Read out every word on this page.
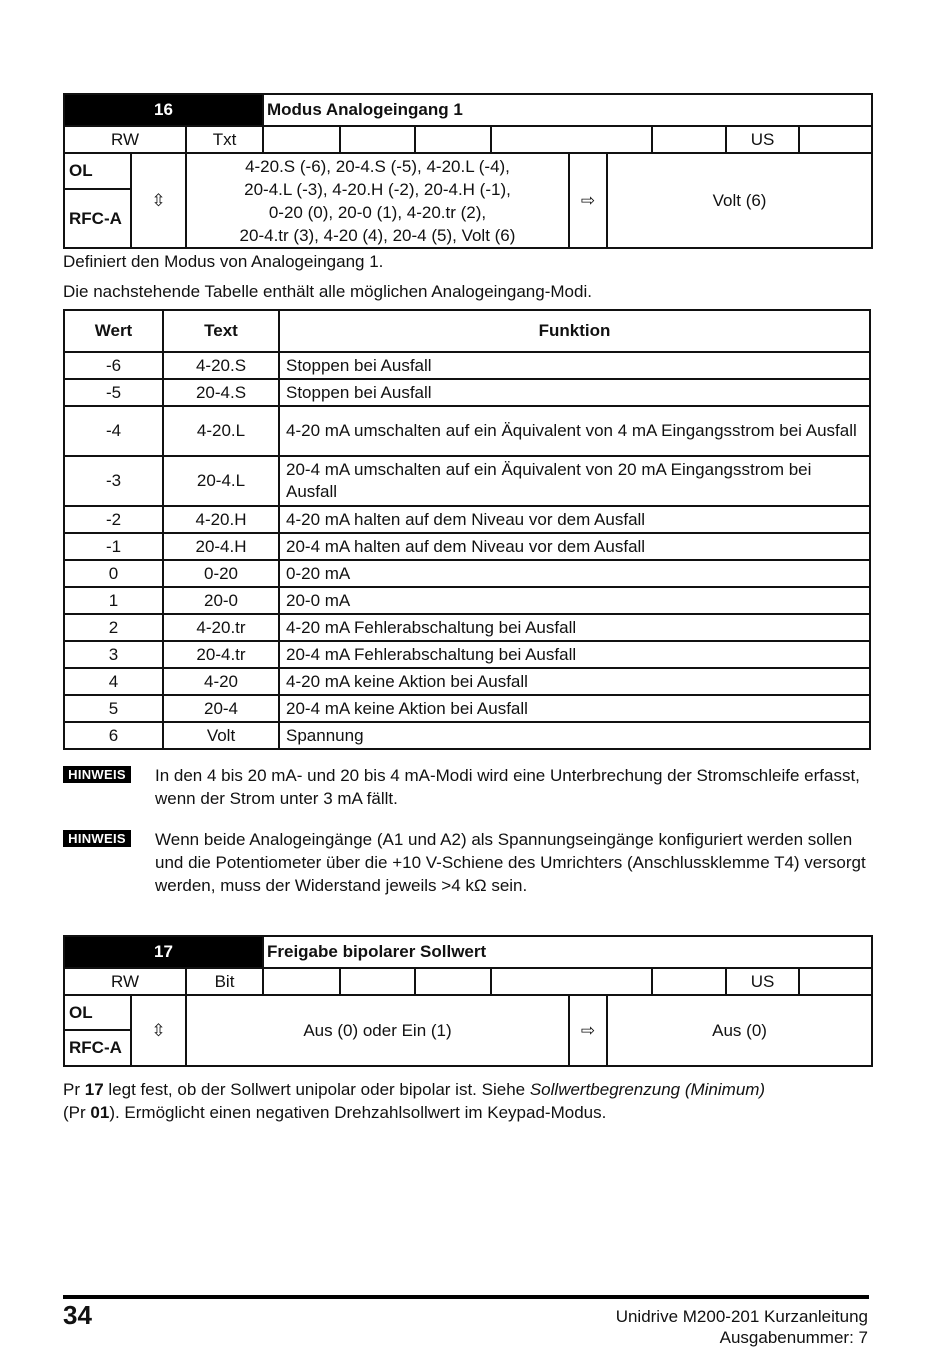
16			Modus Analogeingang 1								
RW		Txt								US	
OL	⇳	4-20.S (-6), 20-4.S (-5), 4-20.L (-4),
20-4.L (-3), 4-20.H (-2), 20-4.H (-1),
0-20 (0), 20-0 (1), 4-20.tr (2),
20-4.tr (3), 4-20 (4), 20-4 (5), Volt (6)					⇨	Volt (6)			
RFC-A											

Definiert den Modus von Analogeingang 1.

Die nachstehende Tabelle enthält alle möglichen Analogeingang-Modi.

Wert	Text	Funktion
-6	4-20.S	Stoppen bei Ausfall
-5	20-4.S	Stoppen bei Ausfall
-4	4-20.L	4-20 mA umschalten auf ein Äquivalent von 4 mA Eingangsstrom bei Ausfall
-3	20-4.L	20-4 mA umschalten auf ein Äquivalent von 20 mA Eingangsstrom bei Ausfall
-2	4-20.H	4-20 mA halten auf dem Niveau vor dem Ausfall
-1	20-4.H	20-4 mA halten auf dem Niveau vor dem Ausfall
0	0-20	0-20 mA
1	20-0	20-0 mA
2	4-20.tr	4-20 mA Fehlerabschaltung bei Ausfall
3	20-4.tr	20-4 mA Fehlerabschaltung bei Ausfall
4	4-20	4-20 mA keine Aktion bei Ausfall
5	20-4	20-4 mA keine Aktion bei Ausfall
6	Volt	Spannung
HINWEIS	In den 4 bis 20 mA- und 20 bis 4 mA-Modi wird eine Unterbrechung der Stromschleife erfasst, wenn der Strom unter 3 mA fällt.
HINWEIS	Wenn beide Analogeingänge (A1 und A2) als Spannungseingänge konfiguriert werden sollen und die Potentiometer über die +10 V-Schiene des Umrichters (Anschlussklemme T4) versorgt werden, muss der Widerstand jeweils >4 kΩ sein.
17			Freigabe bipolarer Sollwert								
RW		Bit								US	
OL	⇳	Aus (0) oder Ein (1)					⇨	Aus (0)			
RFC-A											

Pr 17 legt fest, ob der Sollwert unipolar oder bipolar ist. Siehe Sollwertbegrenzung (Minimum)
(Pr 01). Ermöglicht einen negativen Drehzahlsollwert im Keypad-Modus.

34	Unidrive M200-201 Kurzanleitung
Ausgabenummer: 7
